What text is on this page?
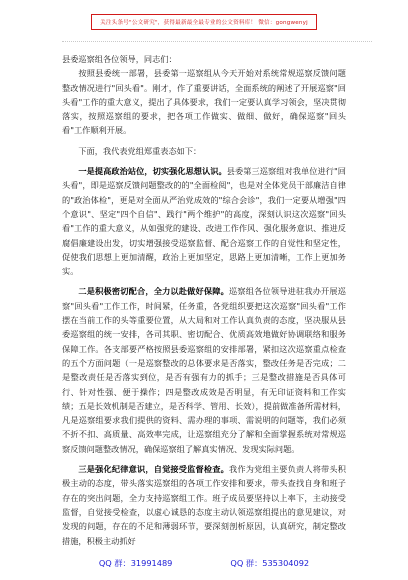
关注头条号"公文研究"，获得最新最全最专业的公文资料库！ 微信：gongwenyj

县委巡察组各位领导，同志们：

按照县委统一部署，县委第一巡察组从今天开始对系统常规巡察反馈问题整改情况进行"回头看"。刚才，作了重要讲话，全面系统的阐述了开展巡察"回头看"工作的重大意义，提出了具体要求，我们一定要认真学习领会，坚决贯彻落实，按照巡察组的要求，把各项工作做实、做细、做好，确保巡察"回头看"工作顺利开展。

下面，我代表党组郑重表态如下：

一是提高政治站位，切实强化思想认识。县委第三巡察组对我单位进行"回头看"，即是巡察反馈问题整改的的"全面检阅"，也是对全体党员干部廉洁自律的"政治体检"，更是对全面从严治党成效的"综合会诊"，我们一定要从增强"四个意识"、坚定"四个自信"、践行"两个维护"的高度，深刻认识这次巡察"回头看"工作的重大意义，从如强党的建设、改进工作作风、强化服务意识、推进反腐倡廉建设出发，切实增强接受巡察监督、配合巡察工作的自觉性和坚定性，促使我们思想上更加清醒，政治上更加坚定，思路上更加清晰，工作上更加务实。

二是积极密切配合，全力以赴做好保障。巡察组各位领导进驻我办开展巡察"回头看"工作工作，时间紧，任务重，各党组织要把这次巡察"回头看"工作摆在当前工作的头等重要位置，从大局和对工作认真负责的态度，坚决服从县委巡察组的统一安排，各司其职、密切配合、优质高效地做好协调联络和服务保障工作。各支部要严格按照县委巡察组的安排部署，紧扣这次巡察重点检查的五个方面问题（一是巡察整改的总体要求是否落实，整改任务是否完成；二是整改责任是否落实到位，是否有强有力的抓手；三是整改措施是否具体可行、针对性强、便于操作；四是整改成效是否明显，有无印证资料和工作实绩；五是长效机制是否建立，是否科学、管用、长效），提前做准备所需材料，凡是巡察组要求我们提供的资料、需办理的事项、需说明的问题等，我们必须不折不扣、高质量、高效率完成，让巡察组充分了解和全面掌握系统对常规巡察反馈问题整改情况，确保巡察组了解真实情况、发现实际问题。

三是强化纪律意识，自觉接受监督检查。我作为党组主要负责人将带头积极主动的态度，带头落实巡察组的各项工作安排和要求，带头查找自身和班子存在的突出问题，全力支持巡察组工作。班子成员要坚持以上率下，主动接受监督，自觉接受检查，以虚心诚恳的态度主动认领巡察组提出的意见建议，对发现的问题，存在的不足和薄弱环节，要深刻剖析原因，认真研究，制定整改措施，积极主动抓好

QQ 群：31991489	QQ 群：535304092
